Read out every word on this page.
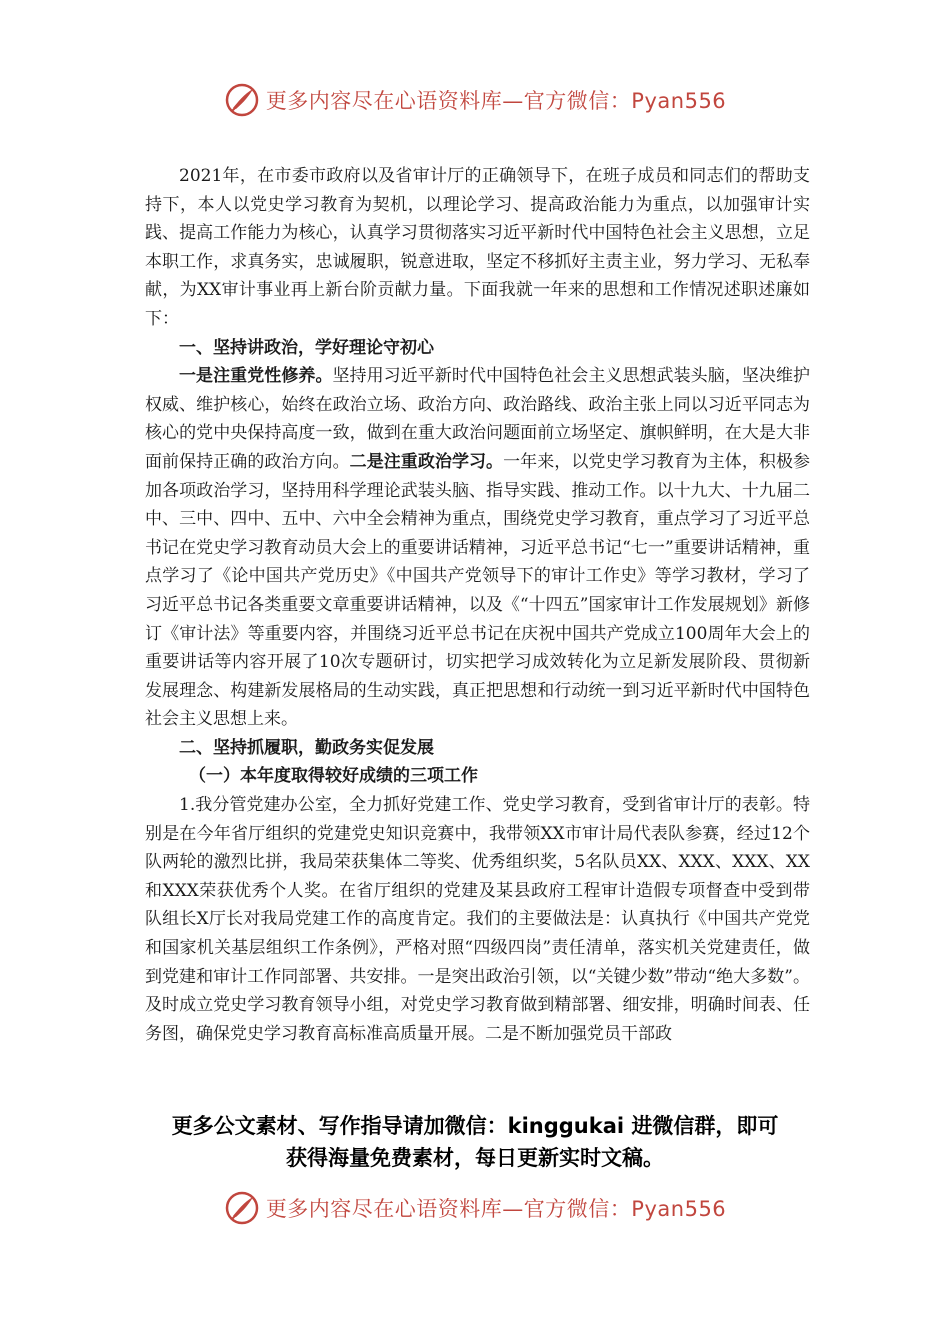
更多内容尽在心语资料库—官方微信：Pyan556

2021年，在市委市政府以及省审计厅的正确领导下，在班子成员和同志们的帮助支持下，本人以党史学习教育为契机，以理论学习、提高政治能力为重点，以加强审计实践、提高工作能力为核心，认真学习贯彻落实习近平新时代中国特色社会主义思想，立足本职工作，求真务实，忠诚履职，锐意进取，坚定不移抓好主责主业，努力学习、无私奉献，为XX审计事业再上新台阶贡献力量。下面我就一年来的思想和工作情况述职述廉如下：

一、坚持讲政治，学好理论守初心

一是注重党性修养。坚持用习近平新时代中国特色社会主义思想武装头脑，坚决维护权威、维护核心，始终在政治立场、政治方向、政治路线、政治主张上同以习近平同志为核心的党中央保持高度一致，做到在重大政治问题面前立场坚定、旗帜鲜明，在大是大非面前保持正确的政治方向。二是注重政治学习。一年来，以党史学习教育为主体，积极参加各项政治学习，坚持用科学理论武装头脑、指导实践、推动工作。以十九大、十九届二中、三中、四中、五中、六中全会精神为重点，围绕党史学习教育，重点学习了习近平总书记在党史学习教育动员大会上的重要讲话精神，习近平总书记“七一”重要讲话精神，重点学习了《论中国共产党历史》《中国共产党领导下的审计工作史》等学习教材，学习了习近平总书记各类重要文章重要讲话精神，以及《“十四五”国家审计工作发展规划》新修订《审计法》等重要内容，并围绕习近平总书记在庆祝中国共产党成立100周年大会上的重要讲话等内容开展了10次专题研讨，切实把学习成效转化为立足新发展阶段、贯彻新发展理念、构建新发展格局的生动实践，真正把思想和行动统一到习近平新时代中国特色社会主义思想上来。

二、坚持抓履职，勤政务实促发展

（一）本年度取得较好成绩的三项工作

1.我分管党建办公室，全力抓好党建工作、党史学习教育，受到省审计厅的表彰。特别是在今年省厅组织的党建党史知识竞赛中，我带领XX市审计局代表队参赛，经过12个队两轮的激烈比拼，我局荣获集体二等奖、优秀组织奖，5名队员XX、XXX、XXX、XX和XXX荣获优秀个人奖。在省厅组织的党建及某县政府工程审计造假专项督查中受到带队组长X厅长对我局党建工作的高度肯定。我们的主要做法是：认真执行《中国共产党党和国家机关基层组织工作条例》，严格对照“四级四岗”责任清单，落实机关党建责任，做到党建和审计工作同部署、共安排。一是突出政治引领，以“关键少数”带动“绝大多数”。及时成立党史学习教育领导小组，对党史学习教育做到精部署、细安排，明确时间表、任务图，确保党史学习教育高标准高质量开展。二是不断加强党员干部政

更多公文素材、写作指导请加微信：kinggukai 进微信群，即可
获得海量免费素材，每日更新实时文稿。
更多内容尽在心语资料库—官方微信：Pyan556
